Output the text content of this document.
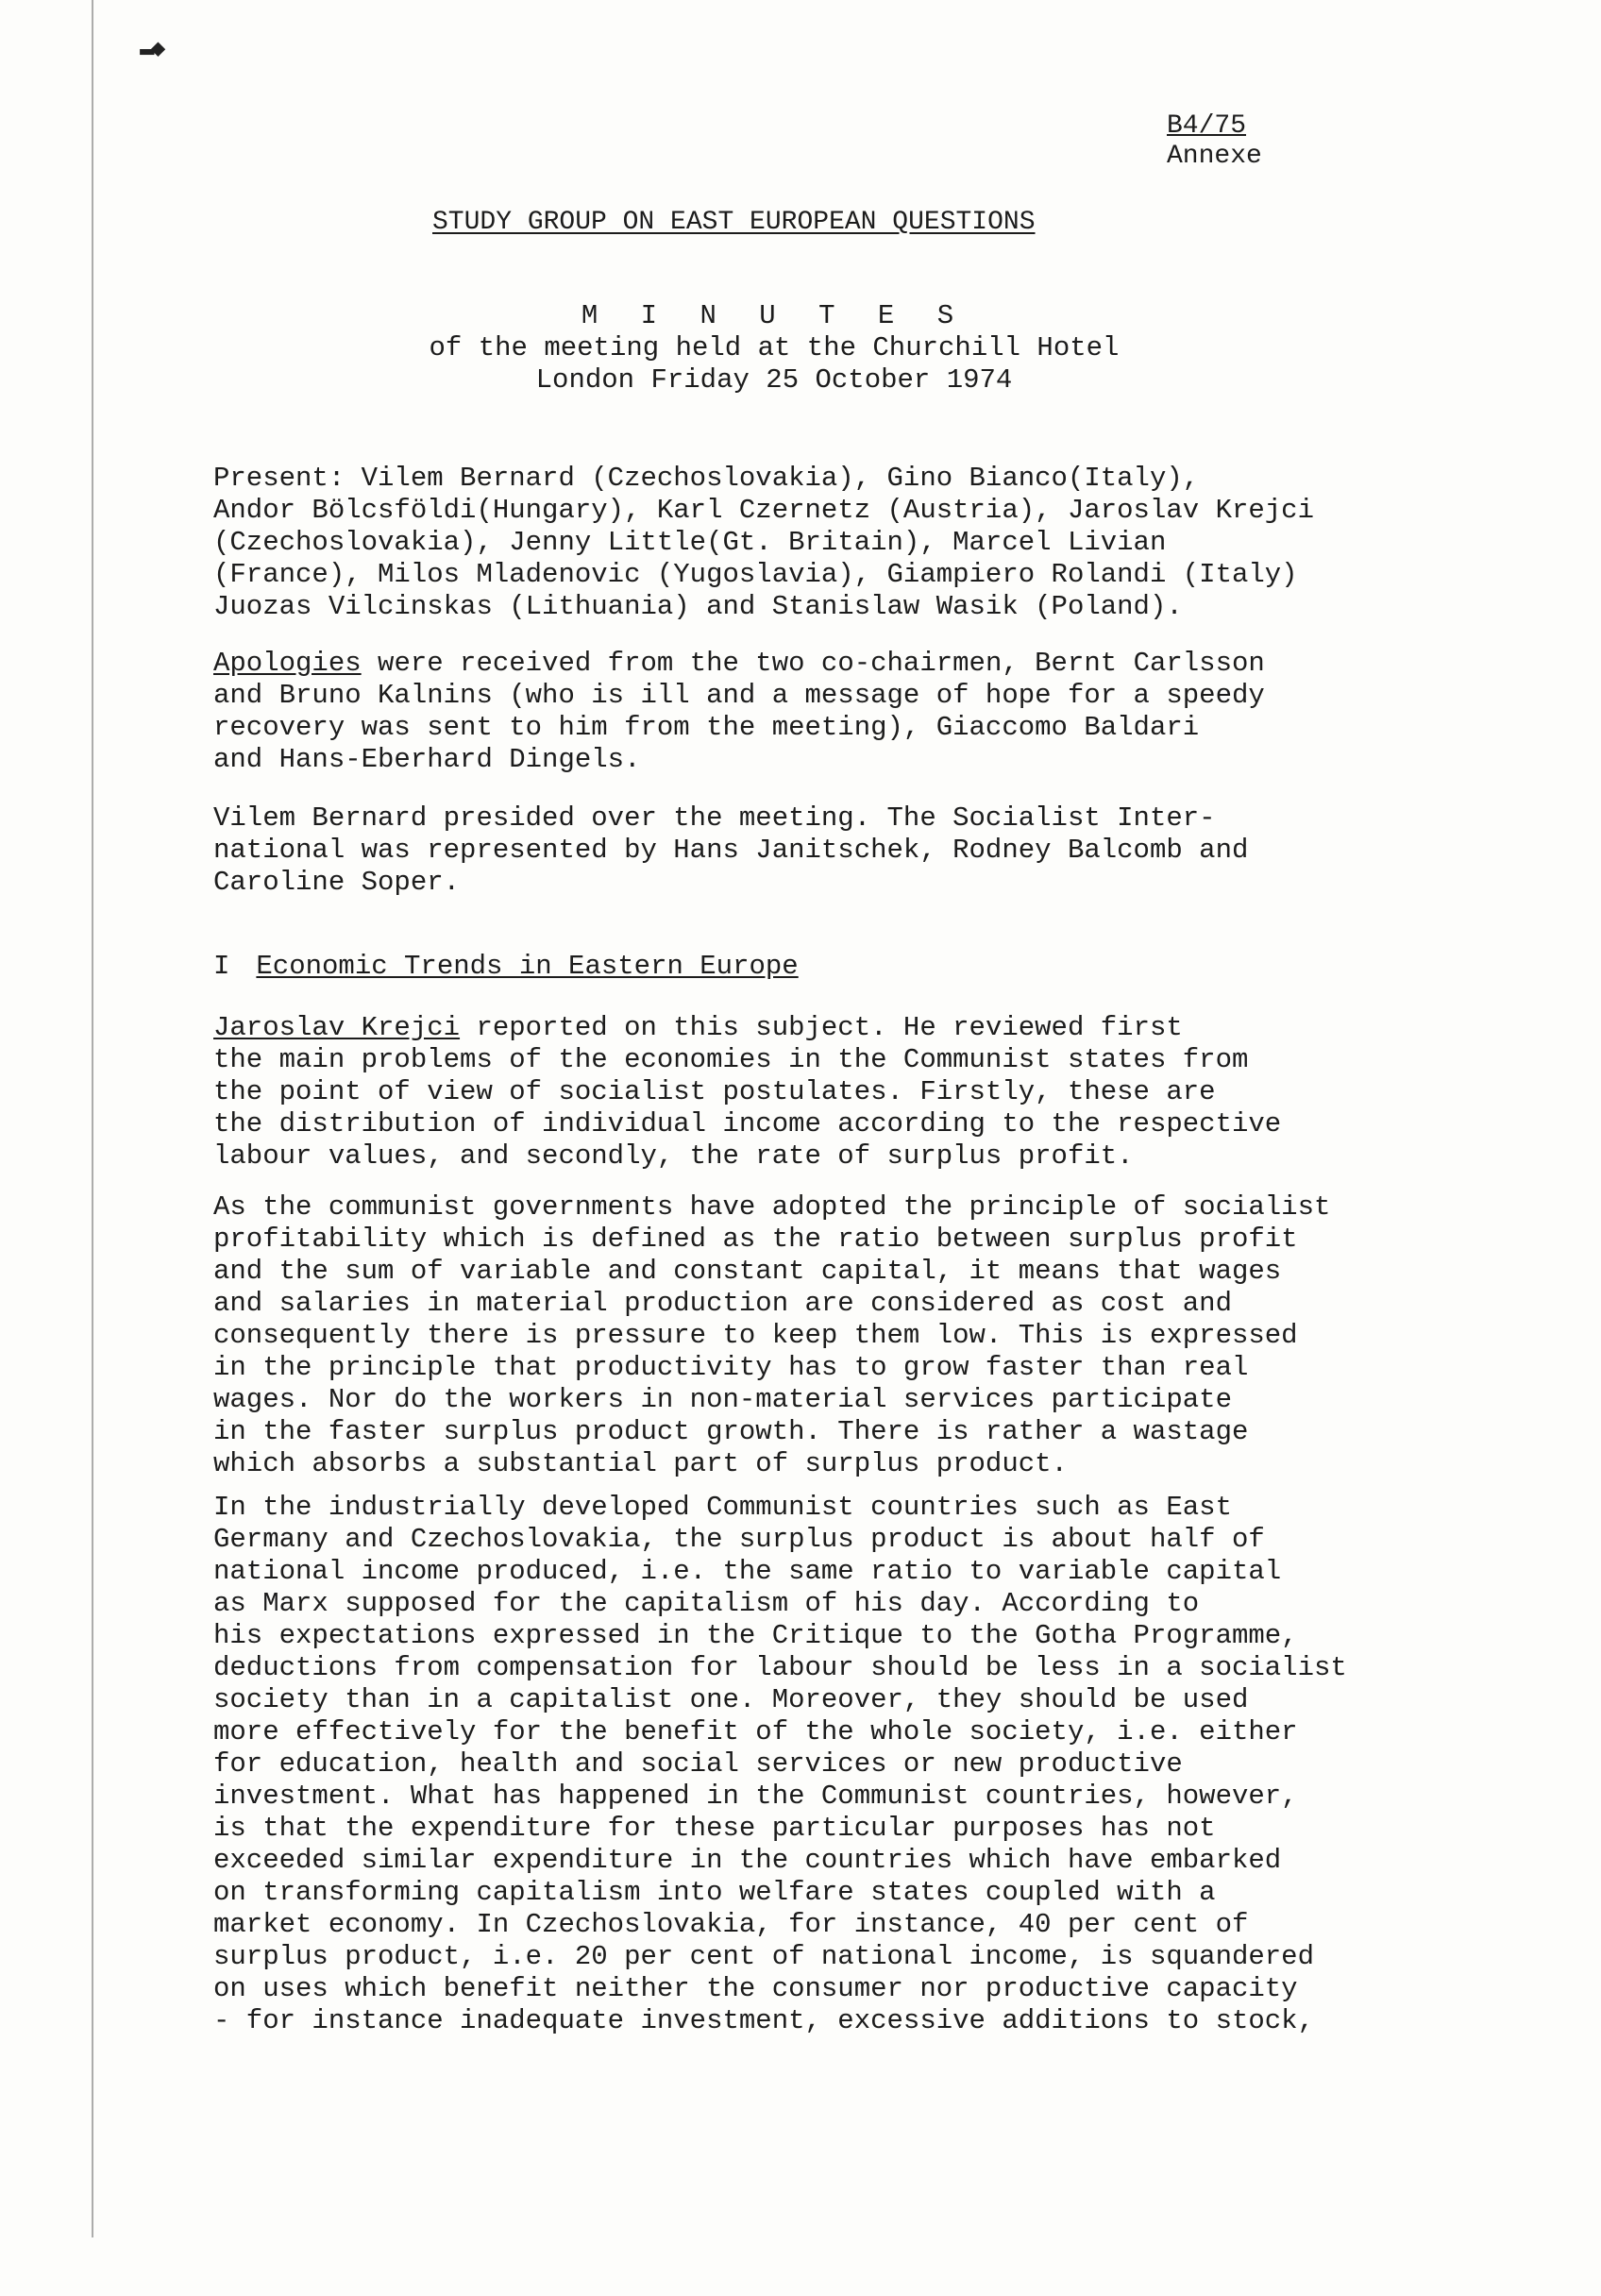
▬◆
B4/75
Annexe
STUDY GROUP ON EAST EUROPEAN QUESTIONS
M I N U T E S
of the meeting held at the Churchill Hotel
London Friday 25 October 1974
Present: Vilem Bernard (Czechoslovakia), Gino Bianco(Italy),
Andor Bölcsföldi(Hungary), Karl Czernetz (Austria), Jaroslav Krejci
(Czechoslovakia), Jenny Little(Gt. Britain), Marcel Livian
(France), Milos Mladenovic (Yugoslavia), Giampiero Rolandi (Italy)
Juozas Vilcinskas (Lithuania) and Stanislaw Wasik (Poland).
Apologies were received from the two co-chairmen, Bernt Carlsson
and Bruno Kalnins (who is ill and a message of hope for a speedy
recovery was sent to him from the meeting), Giaccomo Baldari
and Hans-Eberhard Dingels.
Vilem Bernard presided over the meeting. The Socialist Inter-
national was represented by Hans Janitschek, Rodney Balcomb and
Caroline Soper.
I Economic Trends in Eastern Europe
Jaroslav Krejci reported on this subject. He reviewed first
the main problems of the economies in the Communist states from
the point of view of socialist postulates. Firstly, these are
the distribution of individual income according to the respective
labour values, and secondly, the rate of surplus profit.
As the communist governments have adopted the principle of socialist
profitability which is defined as the ratio between surplus profit
and the sum of variable and constant capital, it means that wages
and salaries in material production are considered as cost and
consequently there is pressure to keep them low. This is expressed
in the principle that productivity has to grow faster than real
wages. Nor do the workers in non-material services participate
in the faster surplus product growth. There is rather a wastage
which absorbs a substantial part of surplus product.
In the industrially developed Communist countries such as East
Germany and Czechoslovakia, the surplus product is about half of
national income produced, i.e. the same ratio to variable capital
as Marx supposed for the capitalism of his day. According to
his expectations expressed in the Critique to the Gotha Programme,
deductions from compensation for labour should be less in a socialist
society than in a capitalist one. Moreover, they should be used
more effectively for the benefit of the whole society, i.e. either
for education, health and social services or new productive
investment. What has happened in the Communist countries, however,
is that the expenditure for these particular purposes has not
exceeded similar expenditure in the countries which have embarked
on transforming capitalism into welfare states coupled with a
market economy. In Czechoslovakia, for instance, 40 per cent of
surplus product, i.e. 20 per cent of national income, is squandered
on uses which benefit neither the consumer nor productive capacity
- for instance inadequate investment, excessive additions to stock,
